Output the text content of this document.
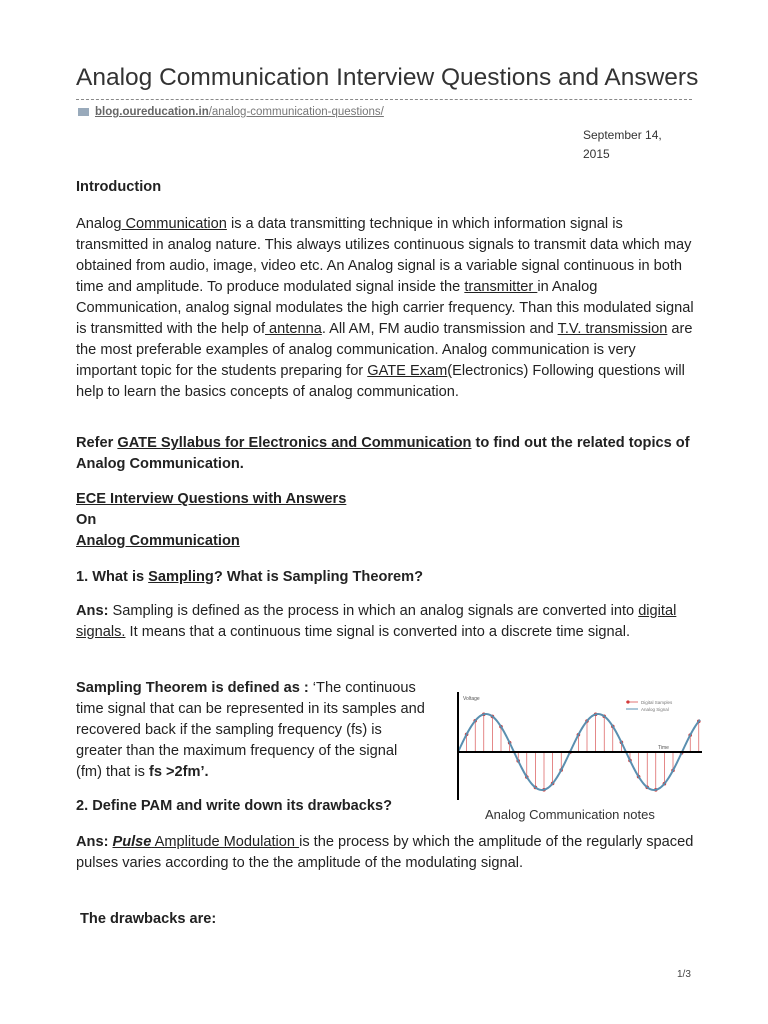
Analog Communication Interview Questions and Answers
blog.oureducation.in/analog-communication-questions/
September 14,
2015
Introduction
Analog Communication is a data transmitting technique in which information signal is transmitted in analog nature. This always utilizes continuous signals to transmit data which may obtained from audio, image, video etc. An Analog signal is a variable signal continuous in both time and amplitude. To produce modulated signal inside the transmitter in Analog Communication, analog signal modulates the high carrier frequency. Than this modulated signal is transmitted with the help of antenna. All AM, FM audio transmission and T.V. transmission are the most preferable examples of analog communication. Analog communication is very important topic for the students preparing for GATE Exam(Electronics) Following questions will help to learn the basics concepts of analog communication.
Refer GATE Syllabus for Electronics and Communication to find out the related topics of Analog Communication.
ECE Interview Questions with Answers
On
Analog Communication
1. What is Sampling? What is Sampling Theorem?
Ans: Sampling is defined as the process in which an analog signals are converted into digital signals. It means that a continuous time signal is converted into a discrete time signal.
Sampling Theorem is defined as : ‘The continuous time signal that can be represented in its samples and recovered back if the sampling frequency (fs) is greater than the maximum frequency of the signal (fm) that is fs >2fm’.
Voltage
Time
Digital Samples
Analog Signal
Analog Communication notes
2. Define PAM and write down its drawbacks?
Ans: Pulse Amplitude Modulation is the process by which the amplitude of the regularly spaced pulses varies according to the the amplitude of the modulating signal.
The drawbacks are:
1/3
